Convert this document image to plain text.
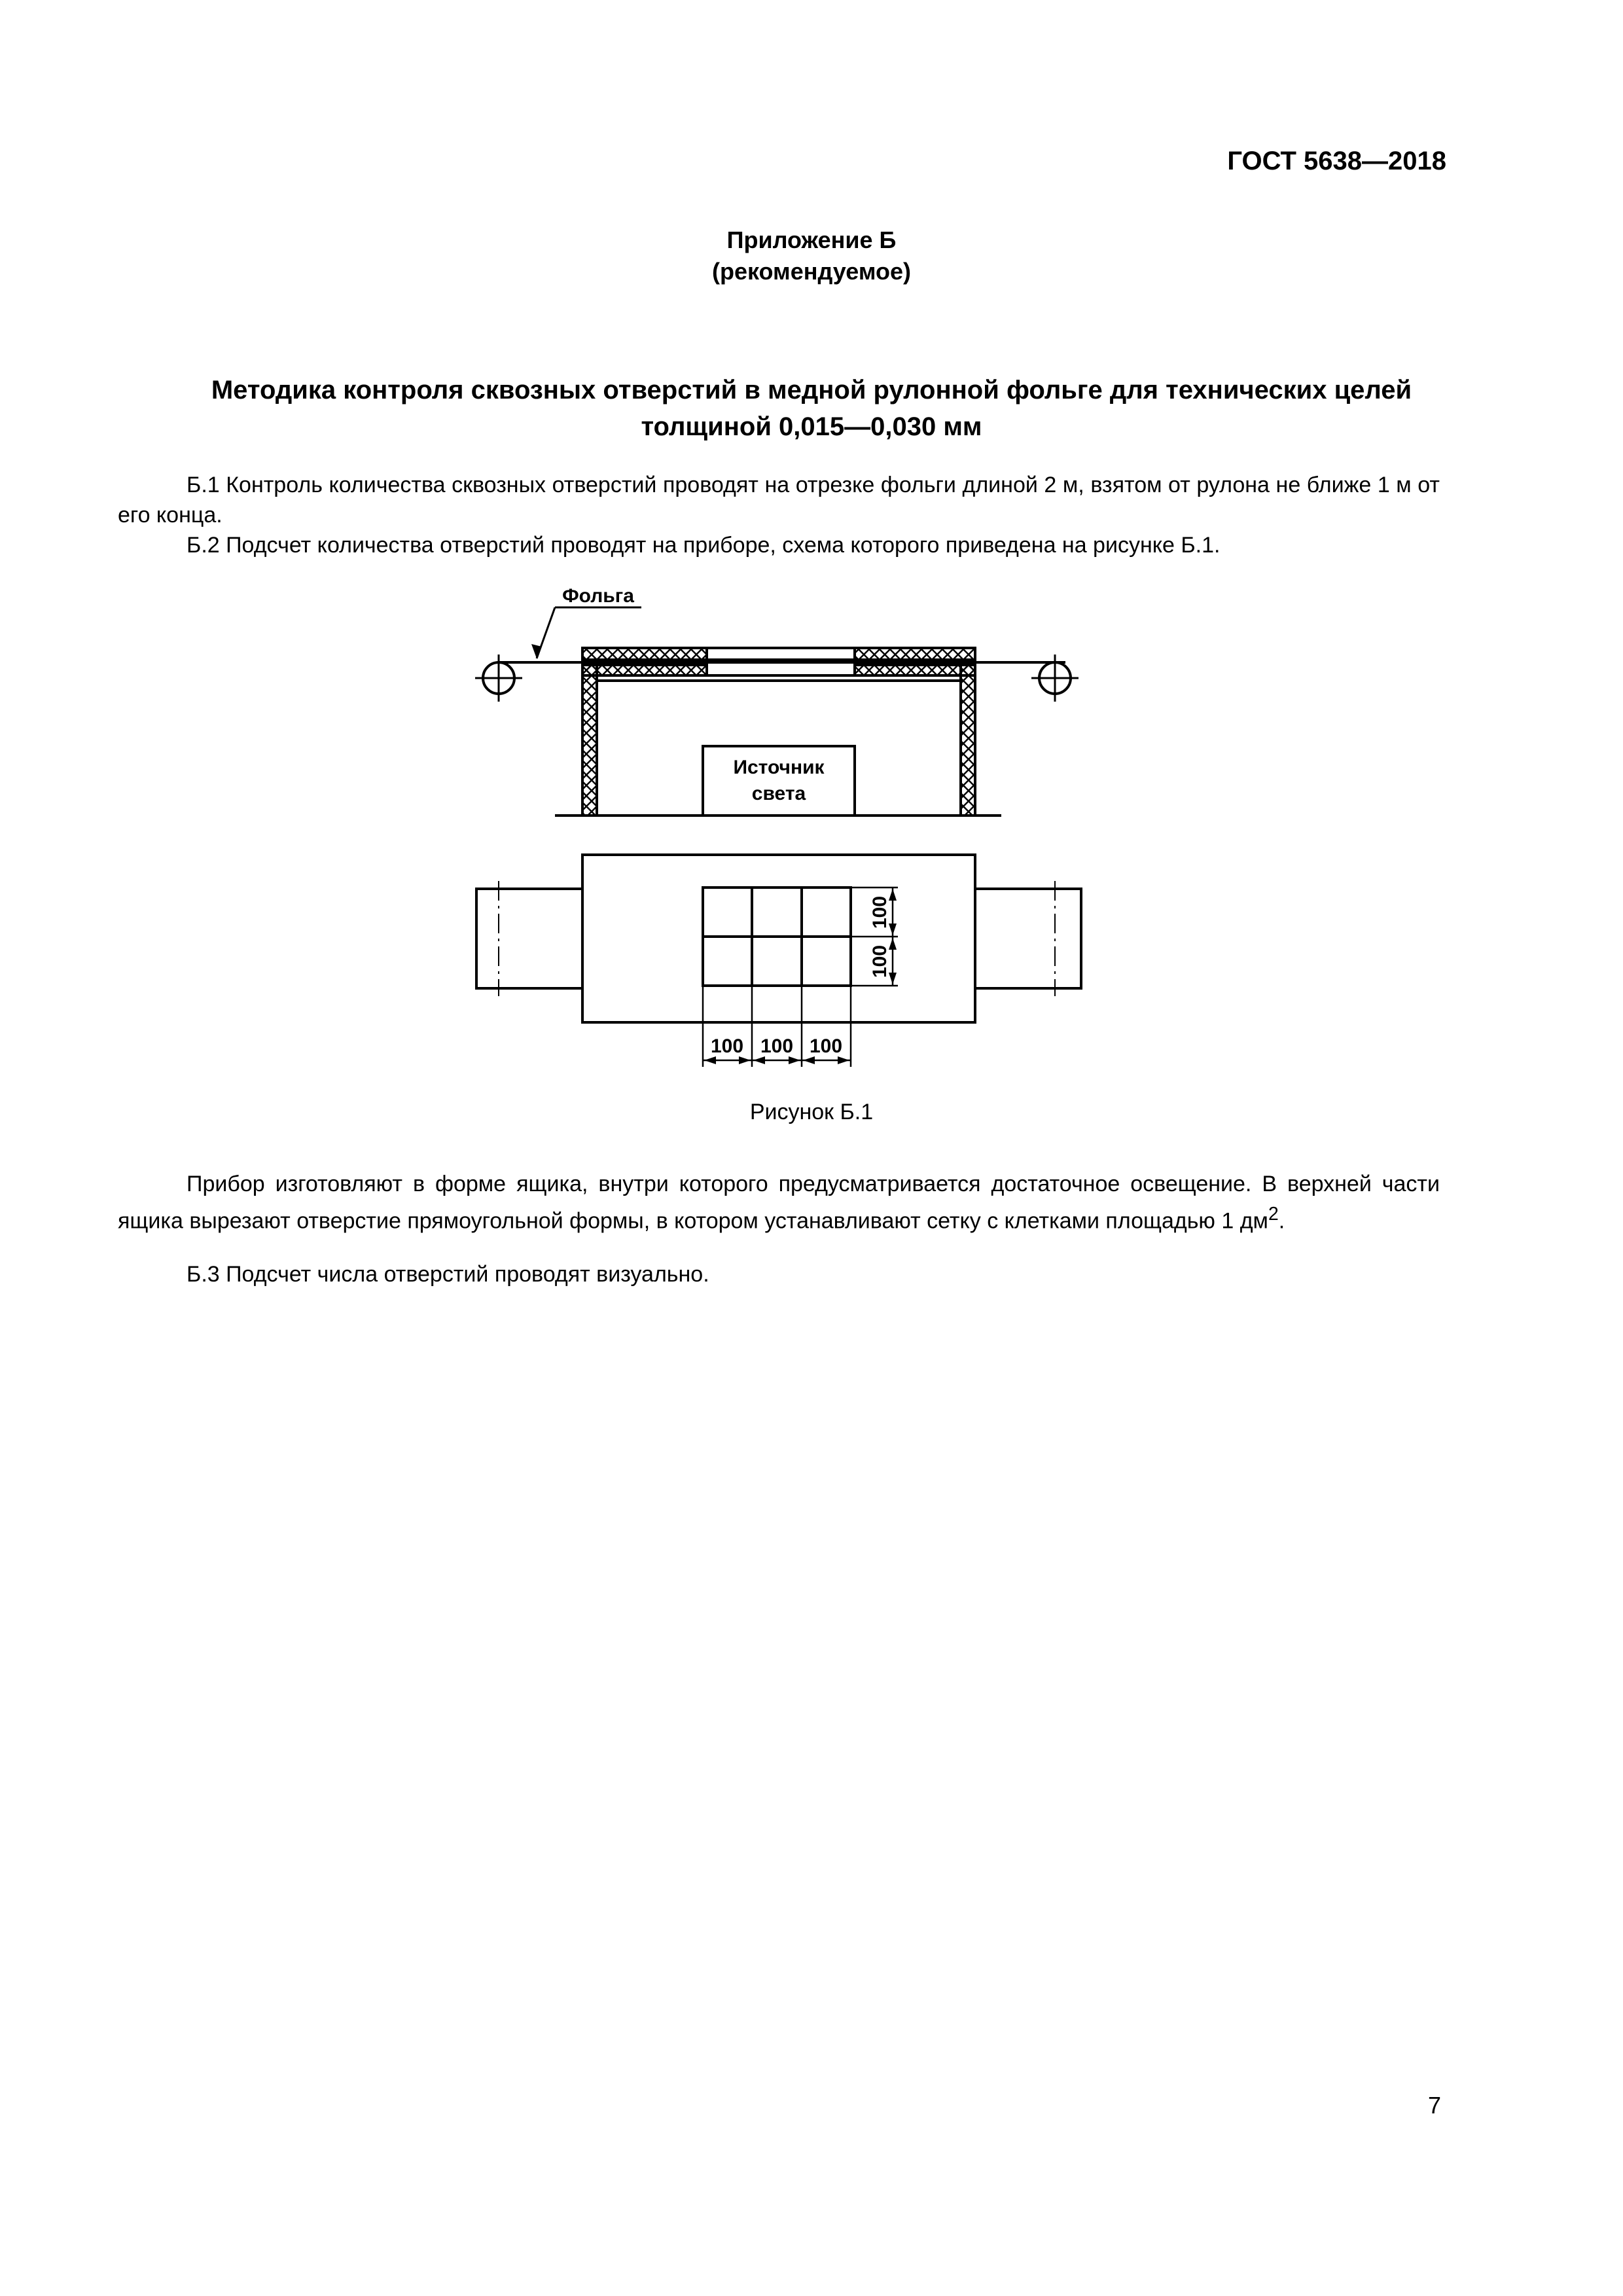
ГОСТ 5638—2018
Приложение Б
(рекомендуемое)
Методика контроля сквозных отверстий в медной рулонной фольге для технических целей
толщиной 0,015—0,030 мм
Б.1 Контроль количества сквозных отверстий проводят на отрезке фольги длиной 2 м, взятом от рулона не ближе 1 м от его конца.
Б.2 Подсчет количества отверстий проводят на приборе, схема которого приведена на рисунке Б.1.
Фольга
Источник
света
100
100
100 100 100
Рисунок Б.1
Прибор изготовляют в форме ящика, внутри которого предусматривается достаточное освещение. В верхней части ящика вырезают отверстие прямоугольной формы, в котором устанавливают сетку с клетками площадью 1 $дм^2$.
Б.3 Подсчет числа отверстий проводят визуально.
7
